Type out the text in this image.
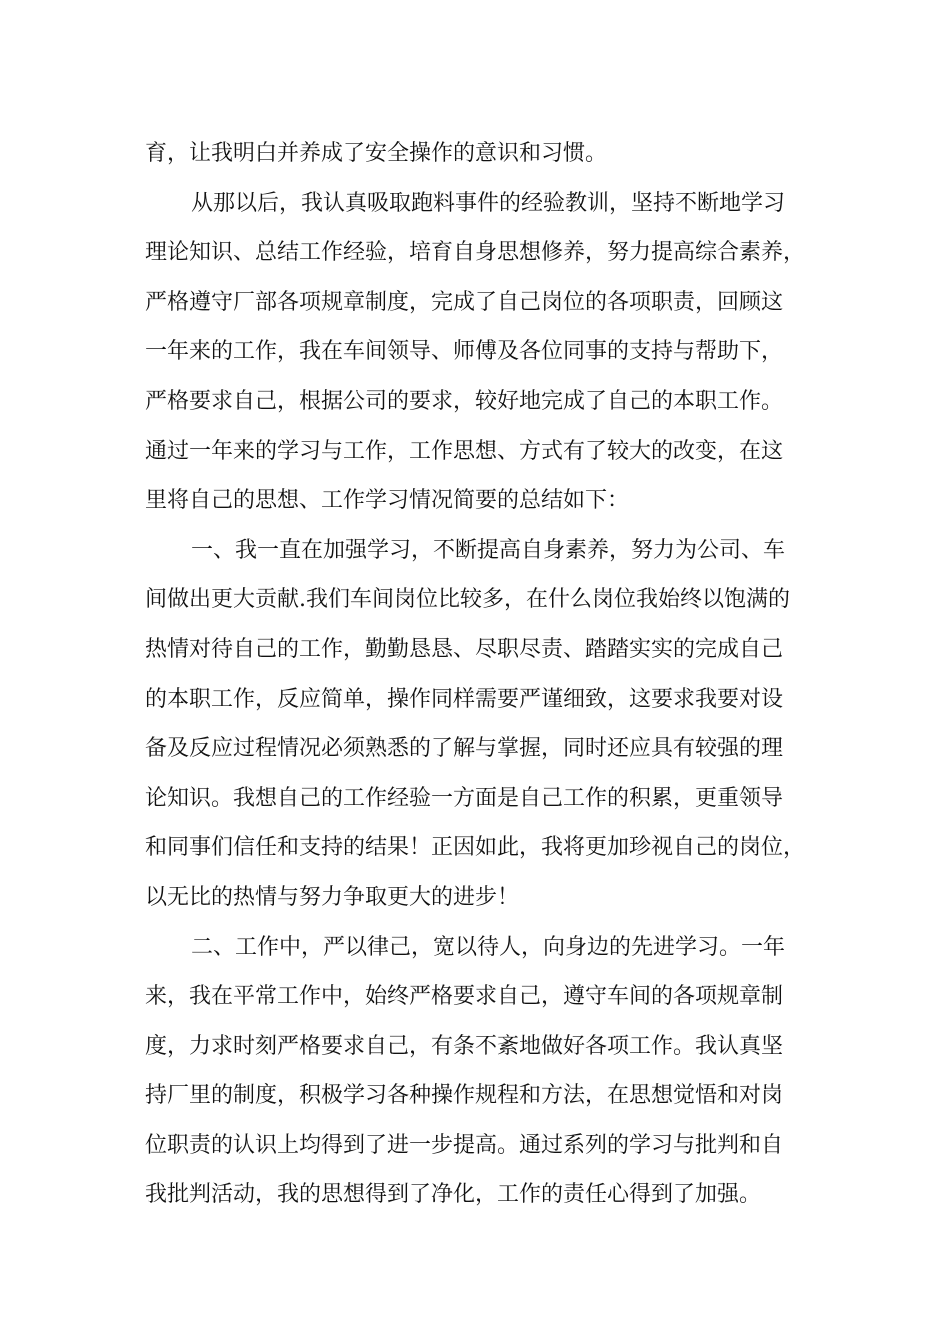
育，让我明白并养成了安全操作的意识和习惯。
从那以后，我认真吸取跑料事件的经验教训，坚持不断地学习
理论知识、总结工作经验，培育自身思想修养，努力提高综合素养，
严格遵守厂部各项规章制度，完成了自己岗位的各项职责，回顾这
一年来的工作，我在车间领导、师傅及各位同事的支持与帮助下，
严格要求自己，根据公司的要求，较好地完成了自己的本职工作。
通过一年来的学习与工作，工作思想、方式有了较大的改变，在这
里将自己的思想、工作学习情况简要的总结如下：
一、我一直在加强学习，不断提高自身素养，努力为公司、车
间做出更大贡献.我们车间岗位比较多，在什么岗位我始终以饱满的
热情对待自己的工作，勤勤恳恳、尽职尽责、踏踏实实的完成自己
的本职工作，反应简单，操作同样需要严谨细致，这要求我要对设
备及反应过程情况必须熟悉的了解与掌握，同时还应具有较强的理
论知识。我想自己的工作经验一方面是自己工作的积累，更重领导
和同事们信任和支持的结果！正因如此，我将更加珍视自己的岗位，
以无比的热情与努力争取更大的进步！
二、工作中，严以律己，宽以待人，向身边的先进学习。一年
来，我在平常工作中，始终严格要求自己，遵守车间的各项规章制
度，力求时刻严格要求自己，有条不紊地做好各项工作。我认真坚
持厂里的制度，积极学习各种操作规程和方法，在思想觉悟和对岗
位职责的认识上均得到了进一步提高。通过系列的学习与批判和自
我批判活动，我的思想得到了净化，工作的责任心得到了加强。
